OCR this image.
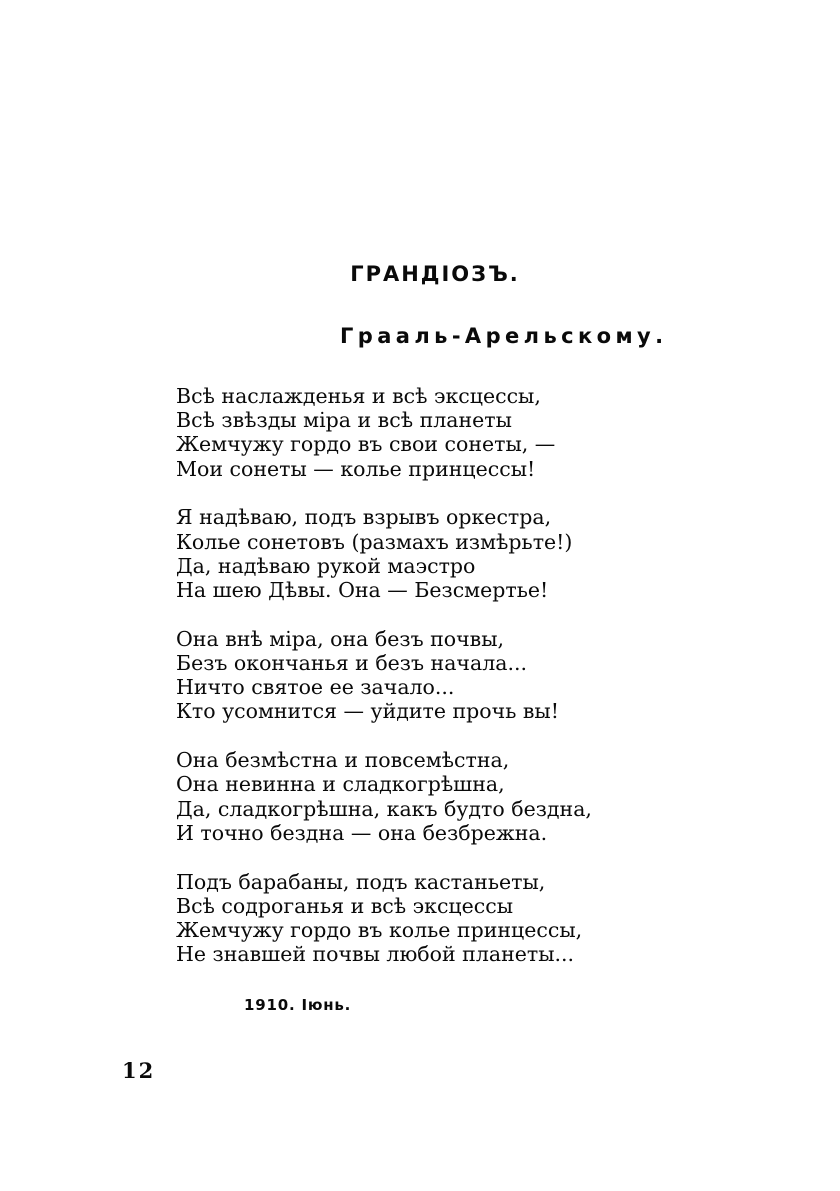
ГРАНДІОЗЪ.
Грааль-Арельскому.
Всѣ наслажденья и всѣ эксцессы,
Всѣ звѣзды міра и всѣ планеты
Жемчужу гордо въ свои сонеты, —
Мои сонеты — колье принцессы!
Я надѣваю, подъ взрывъ оркестра,
Колье сонетовъ (размахъ измѣрьте!)
Да, надѣваю рукой маэстро
На шею Дѣвы. Она — Безсмертье!
Она внѣ міра, она безъ почвы,
Безъ окончанья и безъ начала...
Ничто святое ее зачало...
Кто усомнится — уйдите прочь вы!
Она безмѣстна и повсемѣстна,
Она невинна и сладкогрѣшна,
Да, сладкогрѣшна, какъ будто бездна,
И точно бездна — она безбрежна.
Подъ барабаны, подъ кастаньеты,
Всѣ содроганья и всѣ эксцессы
Жемчужу гордо въ колье принцессы,
Не знавшей почвы любой планеты...
1910. Іюнь.
12
